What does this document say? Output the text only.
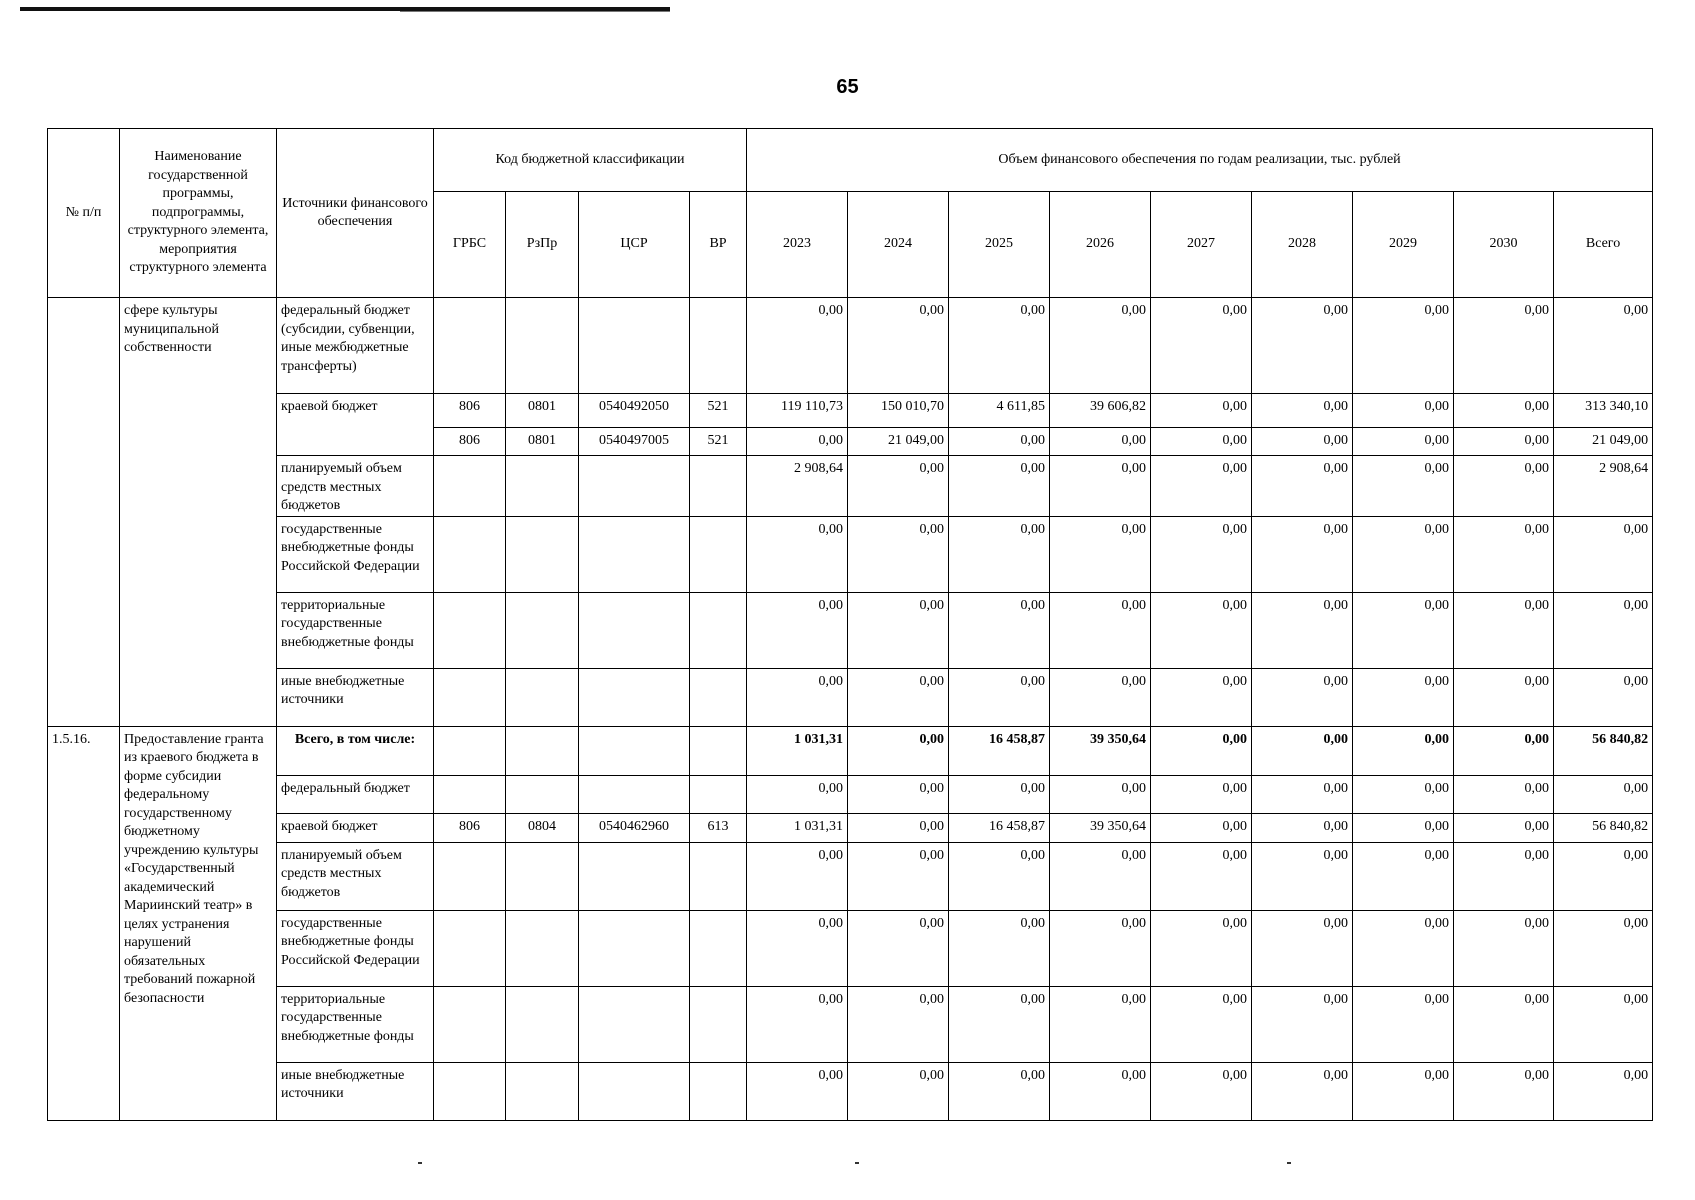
65
№ п/п	Наименование государственной программы, подпрограммы, структурного элемента, мероприятия структурного элемента	Источники финансового обеспечения	Код бюджетной классификации				Объем финансового обеспечения по годам реализации, тыс. рублей								
			ГРБС	РзПр	ЦСР	ВР	2023	2024	2025	2026	2027	2028	2029	2030	Всего
	сфере культуры муниципальной собственности	федеральный бюджет (субсидии, субвенции, иные межбюджетные трансферты)					0,00	0,00	0,00	0,00	0,00	0,00	0,00	0,00	0,00
		краевой бюджет	806	0801	0540492050	521	119 110,73	150 010,70	4 611,85	39 606,82	0,00	0,00	0,00	0,00	313 340,10
			806	0801	0540497005	521	0,00	21 049,00	0,00	0,00	0,00	0,00	0,00	0,00	21 049,00
		планируемый объем средств местных бюджетов					2 908,64	0,00	0,00	0,00	0,00	0,00	0,00	0,00	2 908,64
		государственные внебюджетные фонды Российской Федерации					0,00	0,00	0,00	0,00	0,00	0,00	0,00	0,00	0,00
		территориальные государственные внебюджетные фонды					0,00	0,00	0,00	0,00	0,00	0,00	0,00	0,00	0,00
		иные внебюджетные источники					0,00	0,00	0,00	0,00	0,00	0,00	0,00	0,00	0,00
1.5.16.	Предоставление гранта из краевого бюджета в форме субсидии федеральному государственному бюджетному учреждению культуры «Государственный академический Мариинский театр» в целях устранения нарушений обязательных требований пожарной безопасности	Всего, в том числе:					1 031,31	0,00	16 458,87	39 350,64	0,00	0,00	0,00	0,00	56 840,82
		федеральный бюджет					0,00	0,00	0,00	0,00	0,00	0,00	0,00	0,00	0,00
		краевой бюджет	806	0804	0540462960	613	1 031,31	0,00	16 458,87	39 350,64	0,00	0,00	0,00	0,00	56 840,82
		планируемый объем средств местных бюджетов					0,00	0,00	0,00	0,00	0,00	0,00	0,00	0,00	0,00
		государственные внебюджетные фонды Российской Федерации					0,00	0,00	0,00	0,00	0,00	0,00	0,00	0,00	0,00
		территориальные государственные внебюджетные фонды					0,00	0,00	0,00	0,00	0,00	0,00	0,00	0,00	0,00
		иные внебюджетные источники					0,00	0,00	0,00	0,00	0,00	0,00	0,00	0,00	0,00
